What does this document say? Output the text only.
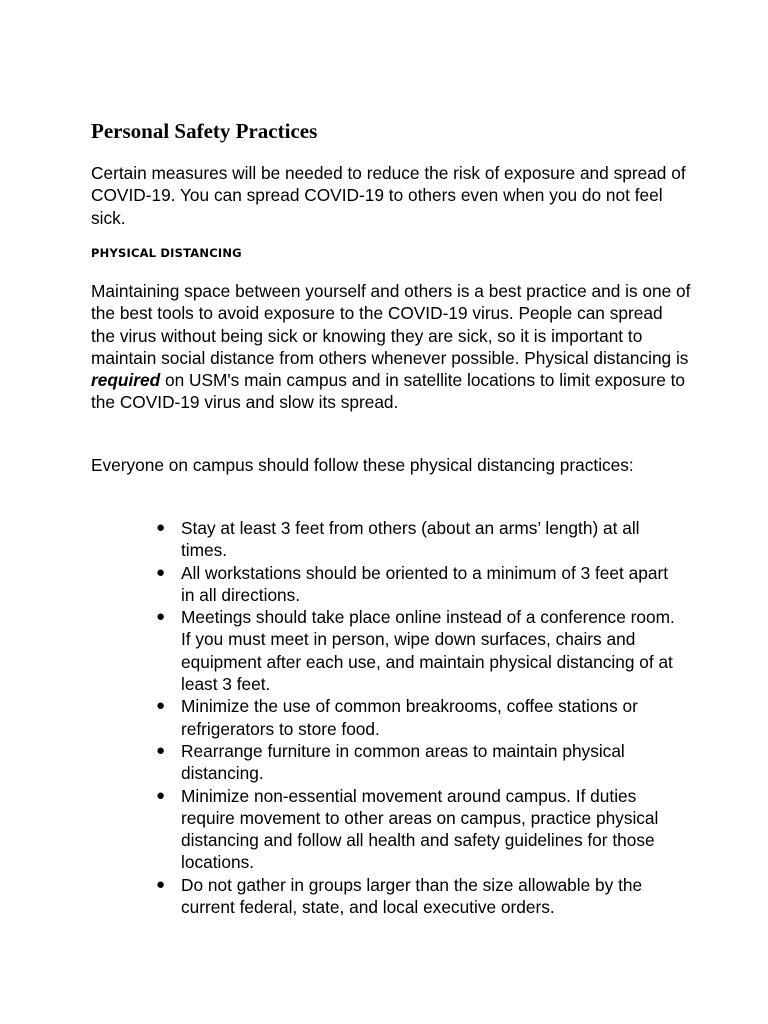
Personal Safety Practices

Certain measures will be needed to reduce the risk of exposure and spread of COVID-19. You can spread COVID-19 to others even when you do not feel sick.

PHYSICAL DISTANCING

Maintaining space between yourself and others is a best practice and is one of the best tools to avoid exposure to the COVID-19 virus. People can spread the virus without being sick or knowing they are sick, so it is important to maintain social distance from others whenever possible. Physical distancing is required on USM's main campus and in satellite locations to limit exposure to the COVID-19 virus and slow its spread.

Everyone on campus should follow these physical distancing practices:

● Stay at least 3 feet from others (about an arms’ length) at all times.
● All workstations should be oriented to a minimum of 3 feet apart in all directions.
● Meetings should take place online instead of a conference room. If you must meet in person, wipe down surfaces, chairs and equipment after each use, and maintain physical distancing of at least 3 feet.
● Minimize the use of common breakrooms, coffee stations or refrigerators to store food.
● Rearrange furniture in common areas to maintain physical distancing.
● Minimize non-essential movement around campus. If duties require movement to other areas on campus, practice physical distancing and follow all health and safety guidelines for those locations.
● Do not gather in groups larger than the size allowable by the current federal, state, and local executive orders.
